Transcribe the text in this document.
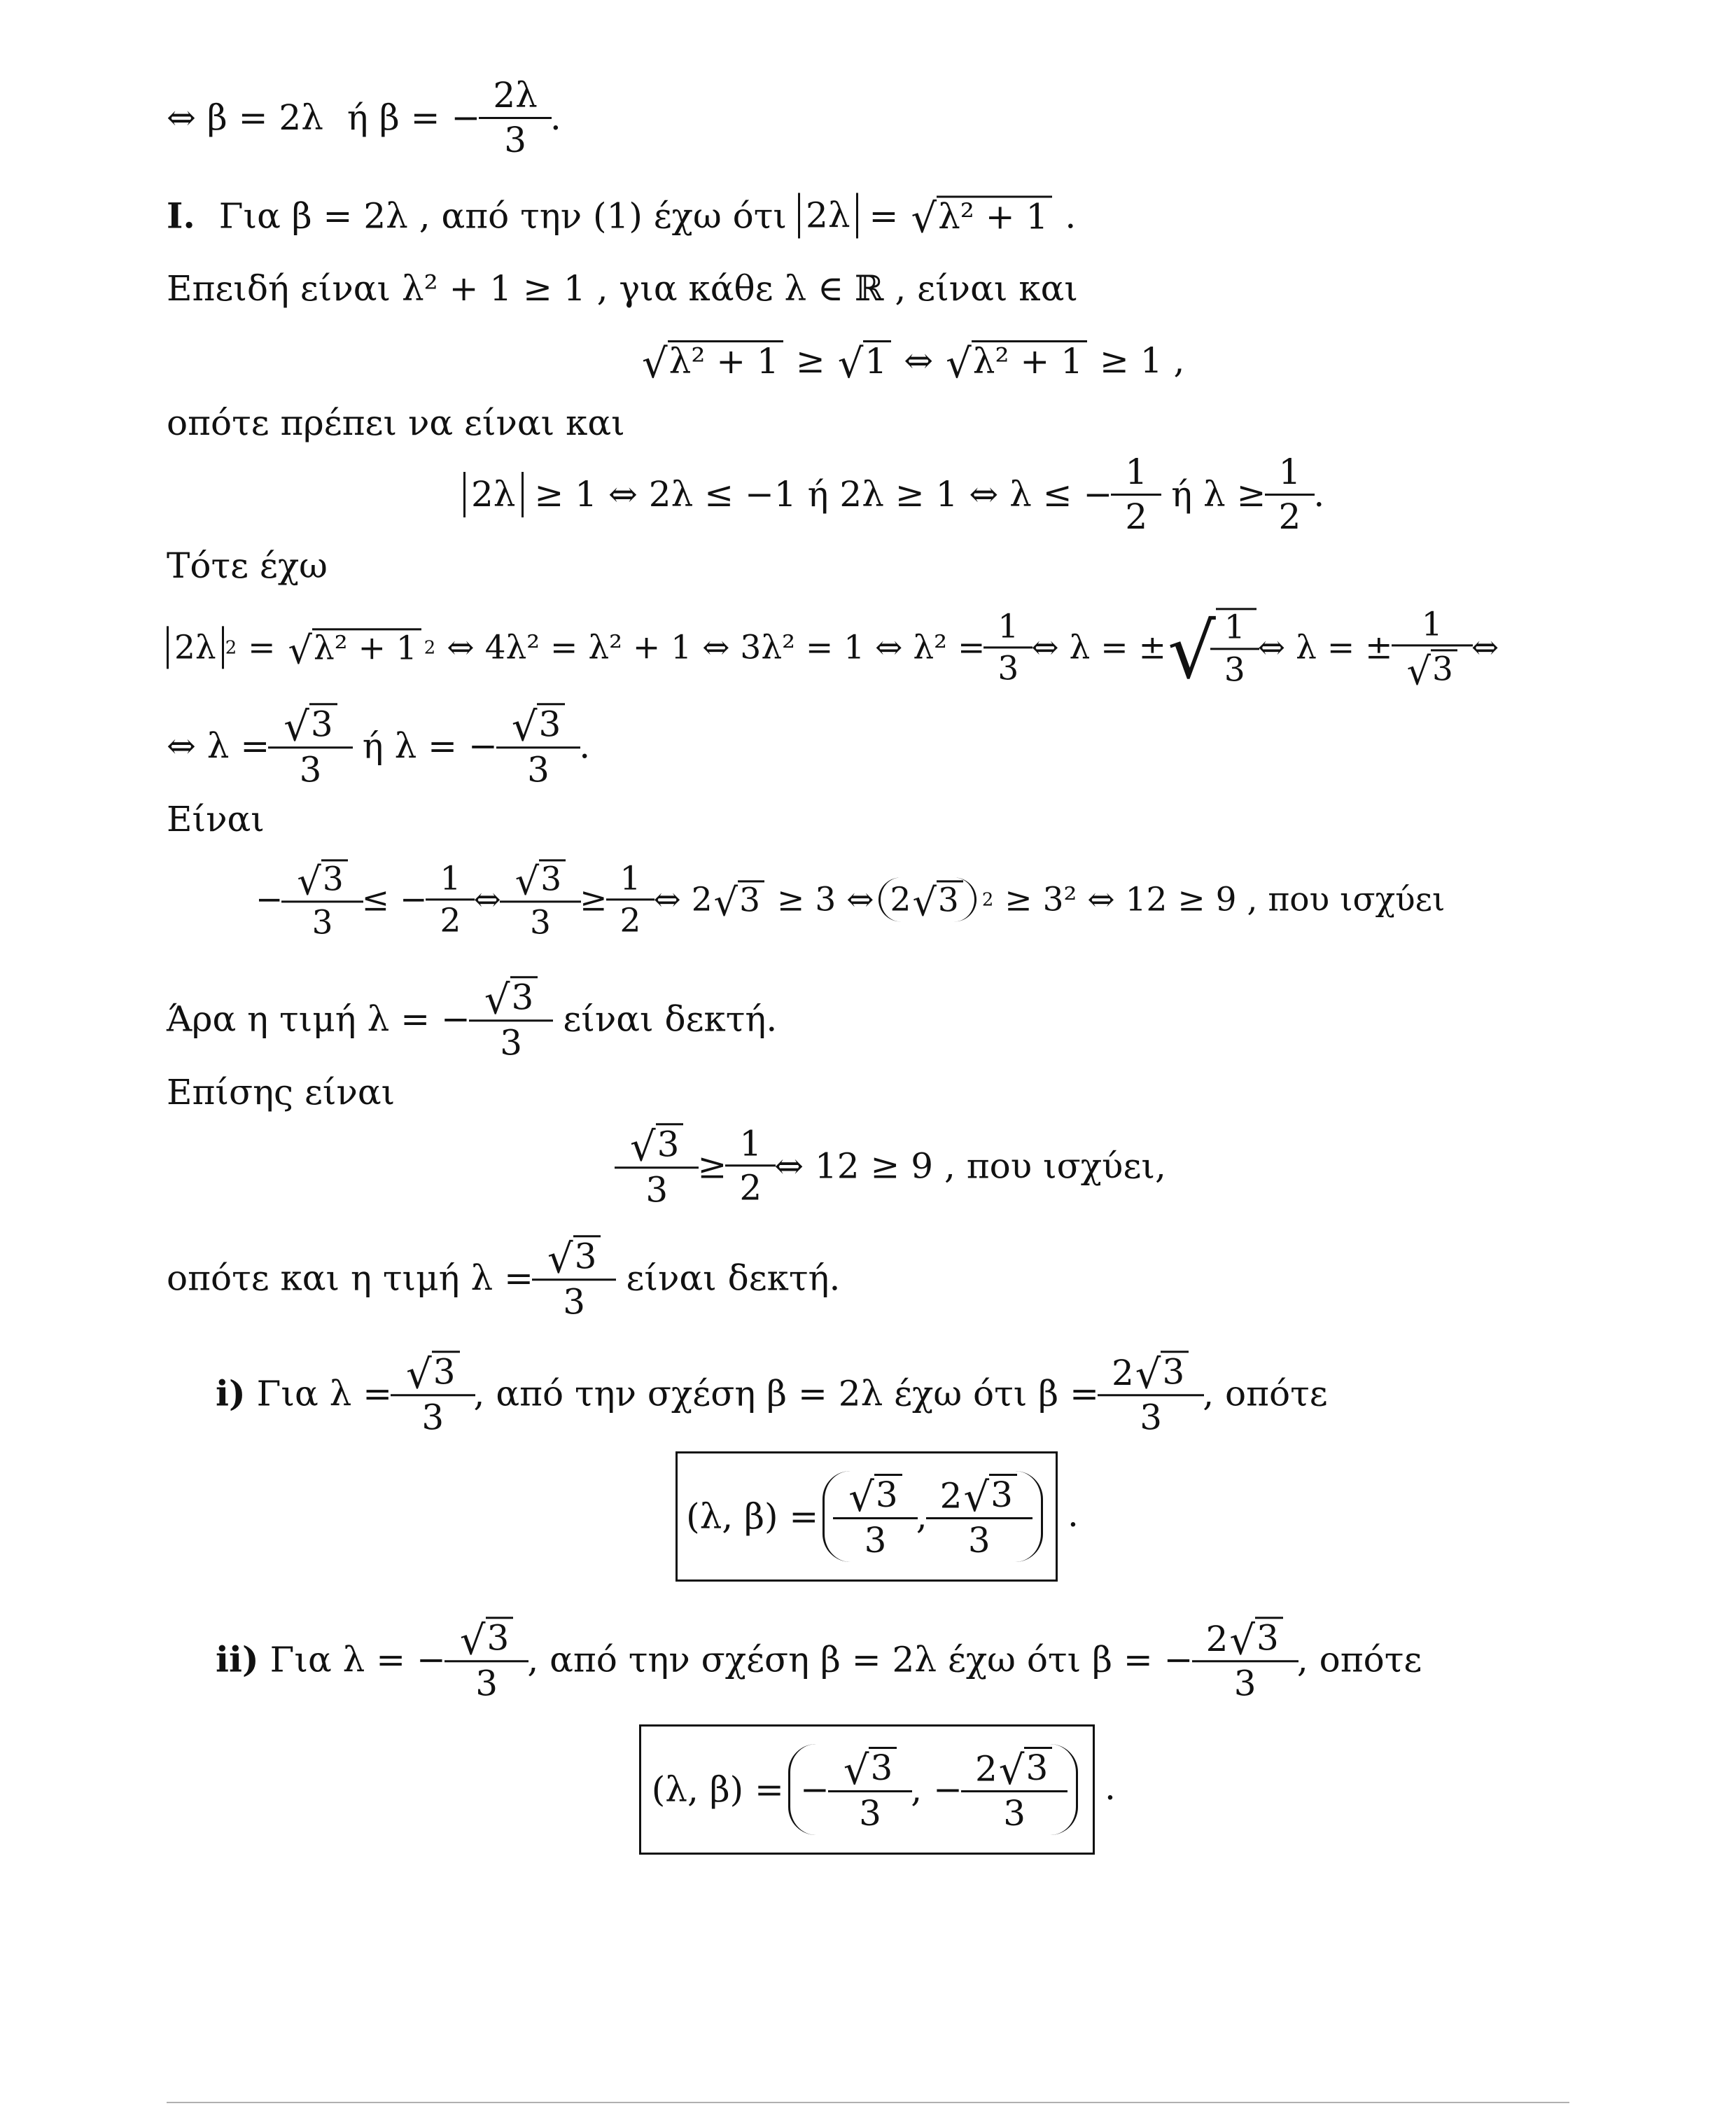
⇔ β = 2λ ή β = − $\frac{2\lambda}{3}$ .
I. Για β = 2λ , από την (1) έχω ότι 2λ = √ λ² + 1 .
Επειδή είναι λ² + 1 ≥ 1 , για κάθε λ ∈ ℝ , είναι και
√ λ² + 1 ≥ √ 1 ⇔ √ λ² + 1 ≥ 1 ,
οπότε πρέπει να είναι και
2λ ≥ 1 ⇔ 2λ ≤ −1 ή 2λ ≥ 1 ⇔ λ ≤ − $\frac{1}{2}$ ή $\lambda \ge \frac{1}{2}$ .
Τότε έχω
2λ 2 = √ λ² + 1 2 ⇔ 4λ² = λ² + 1 ⇔ 3λ² = 1 ⇔ $\lambda^2 = \frac{1}{3}$ ⇔ λ = ± √ $\frac{1}{3}$ ⇔ λ = ± $\frac{1}{√ 3}$ ⇔
⇔ $\lambda = \frac{√ 3}{3}$ ή λ = − $\frac{√ 3}{3}$ .
Είναι
− $\frac{√ 3}{3}$ ≤ − $\frac{1}{2}$ ⇔ $\frac{√ 3}{3} \ge \frac{1}{2}$ ⇔ 2 √ 3 ≥ 3 ⇔ 2 √ 3 2 ≥ 3² ⇔ 12 ≥ 9 , που ισχύει
Άρα η τιμή λ = − $\frac{√ 3}{3}$ είναι δεκτή.
Επίσης είναι
$\frac{√ 3}{3} \ge \frac{1}{2}$ ⇔ 12 ≥ 9 , που ισχύει,
οπότε και η τιμή $\lambda = \frac{√ 3}{3}$ είναι δεκτή.
i) Για $\lambda = \frac{√ 3}{3}$ , από την σχέση β = 2λ έχω ότι $\beta = \frac{2 √ 3}{3}$ , οπότε
(λ, $\beta) = \frac{√ 3}{3}$ , $\frac{2 √ 3}{3}$ .
ii) Για λ = − $\frac{√ 3}{3}$ , από την σχέση β = 2λ έχω ότι β = − $\frac{2 √ 3}{3}$ , οπότε
(λ, β) = − $\frac{√ 3}{3}$ , − $\frac{2 √ 3}{3}$ .
